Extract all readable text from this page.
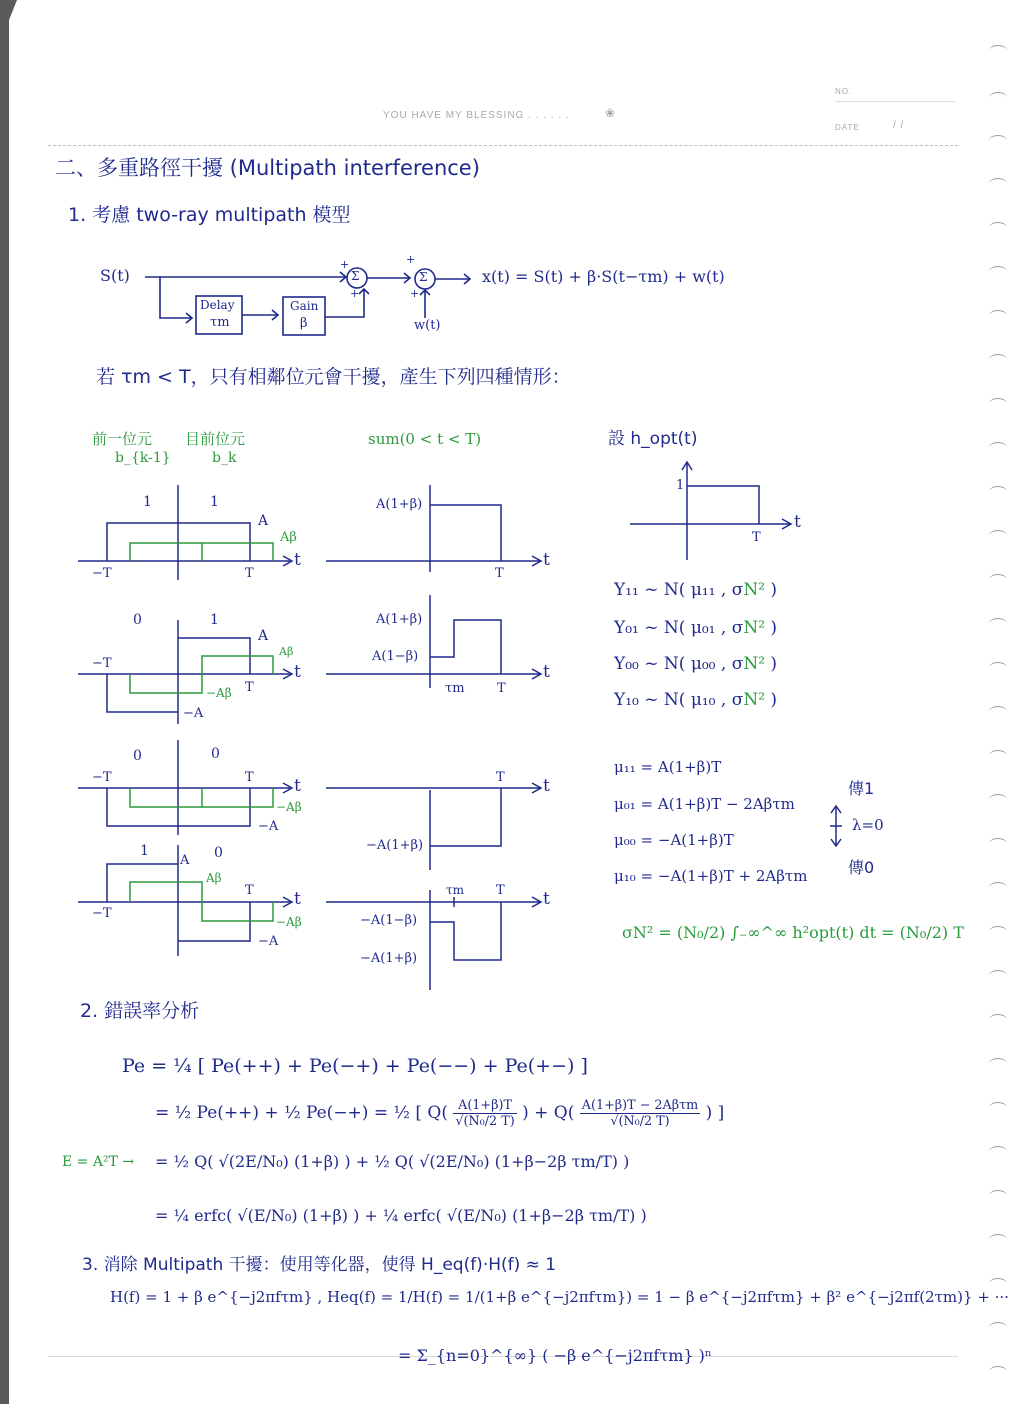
YOU HAVE MY BLESSING . . . . . .	❀
NO.
DATE	/ /
二、多重路徑干擾 (Multipath interference)
1. 考慮 two-ray multipath 模型
S(t)
Delay
τm
Gain
β
Σ	Σ
+
+
+
+
w(t)
x(t) = S(t) + β·S(t−τm) + w(t)
若 τm < T，只有相鄰位元會干擾，產生下列四種情形：
前一位元
b_{k-1}
目前位元
b_k
sum(0 < t < T)	設 h_opt(t)
1	1
A
Aβ
−T	T
t
A(1+β)
T
t
0	1
A
Aβ
−Aβ
−A
−T
T
t
A(1+β)
A(1−β)
τm T
t
0	0
−Aβ
−A
−T	T t
−A(1+β)
T t
1	0
A
Aβ
−Aβ
−A
−T
T t
−A(1−β)
−A(1+β)
τm T t
1
T
t
Y₁₁ ~ N( μ₁₁ , σN² )
Y₀₁ ~ N( μ₀₁ , σN² )
Y₀₀ ~ N( μ₀₀ , σN² )
Y₁₀ ~ N( μ₁₀ , σN² )
μ₁₁ = A(1+β)T
μ₀₁ = A(1+β)T − 2Aβτm
μ₀₀ = −A(1+β)T
μ₁₀ = −A(1+β)T + 2Aβτm
傳1
λ=0
傳0
σN² = (N₀/2) ∫₋∞^∞ h²opt(t) dt = (N₀/2) T
2. 錯誤率分析
Pe = ¼ [ Pe(++) + Pe(−+) + Pe(−−) + Pe(+−) ]
= ½ Pe(++) + ½ Pe(−+) = ½ [ $Q( \frac{A(1+\beta)T}{\text{√(N₀/2 T)}}$ ) + $Q( \frac{\text{A(1+β)T − 2Aβτm}}{\text{√(N₀/2 T)}}$ ) ]
E = A²T → = ½ Q( √(2E/N₀) (1+β) ) + ½ Q( √(2E/N₀) (1+β−2β τm/T) )
= ¼ erfc( √(E/N₀) (1+β) ) + ¼ erfc( √(E/N₀) (1+β−2β τm/T) )
3. 消除 Multipath 干擾：使用等化器，使得 H_eq(f)·H(f) ≈ 1
H(f) = 1 + β e^{−j2πfτm} , Heq(f) = 1/H(f) = 1/(1+β e^{−j2πfτm}) = 1 − β e^{−j2πfτm} + β² e^{−j2πf(2τm)} + ···
= Σ_{n=0}^{∞} ( −β e^{−j2πfτm} )ⁿ
